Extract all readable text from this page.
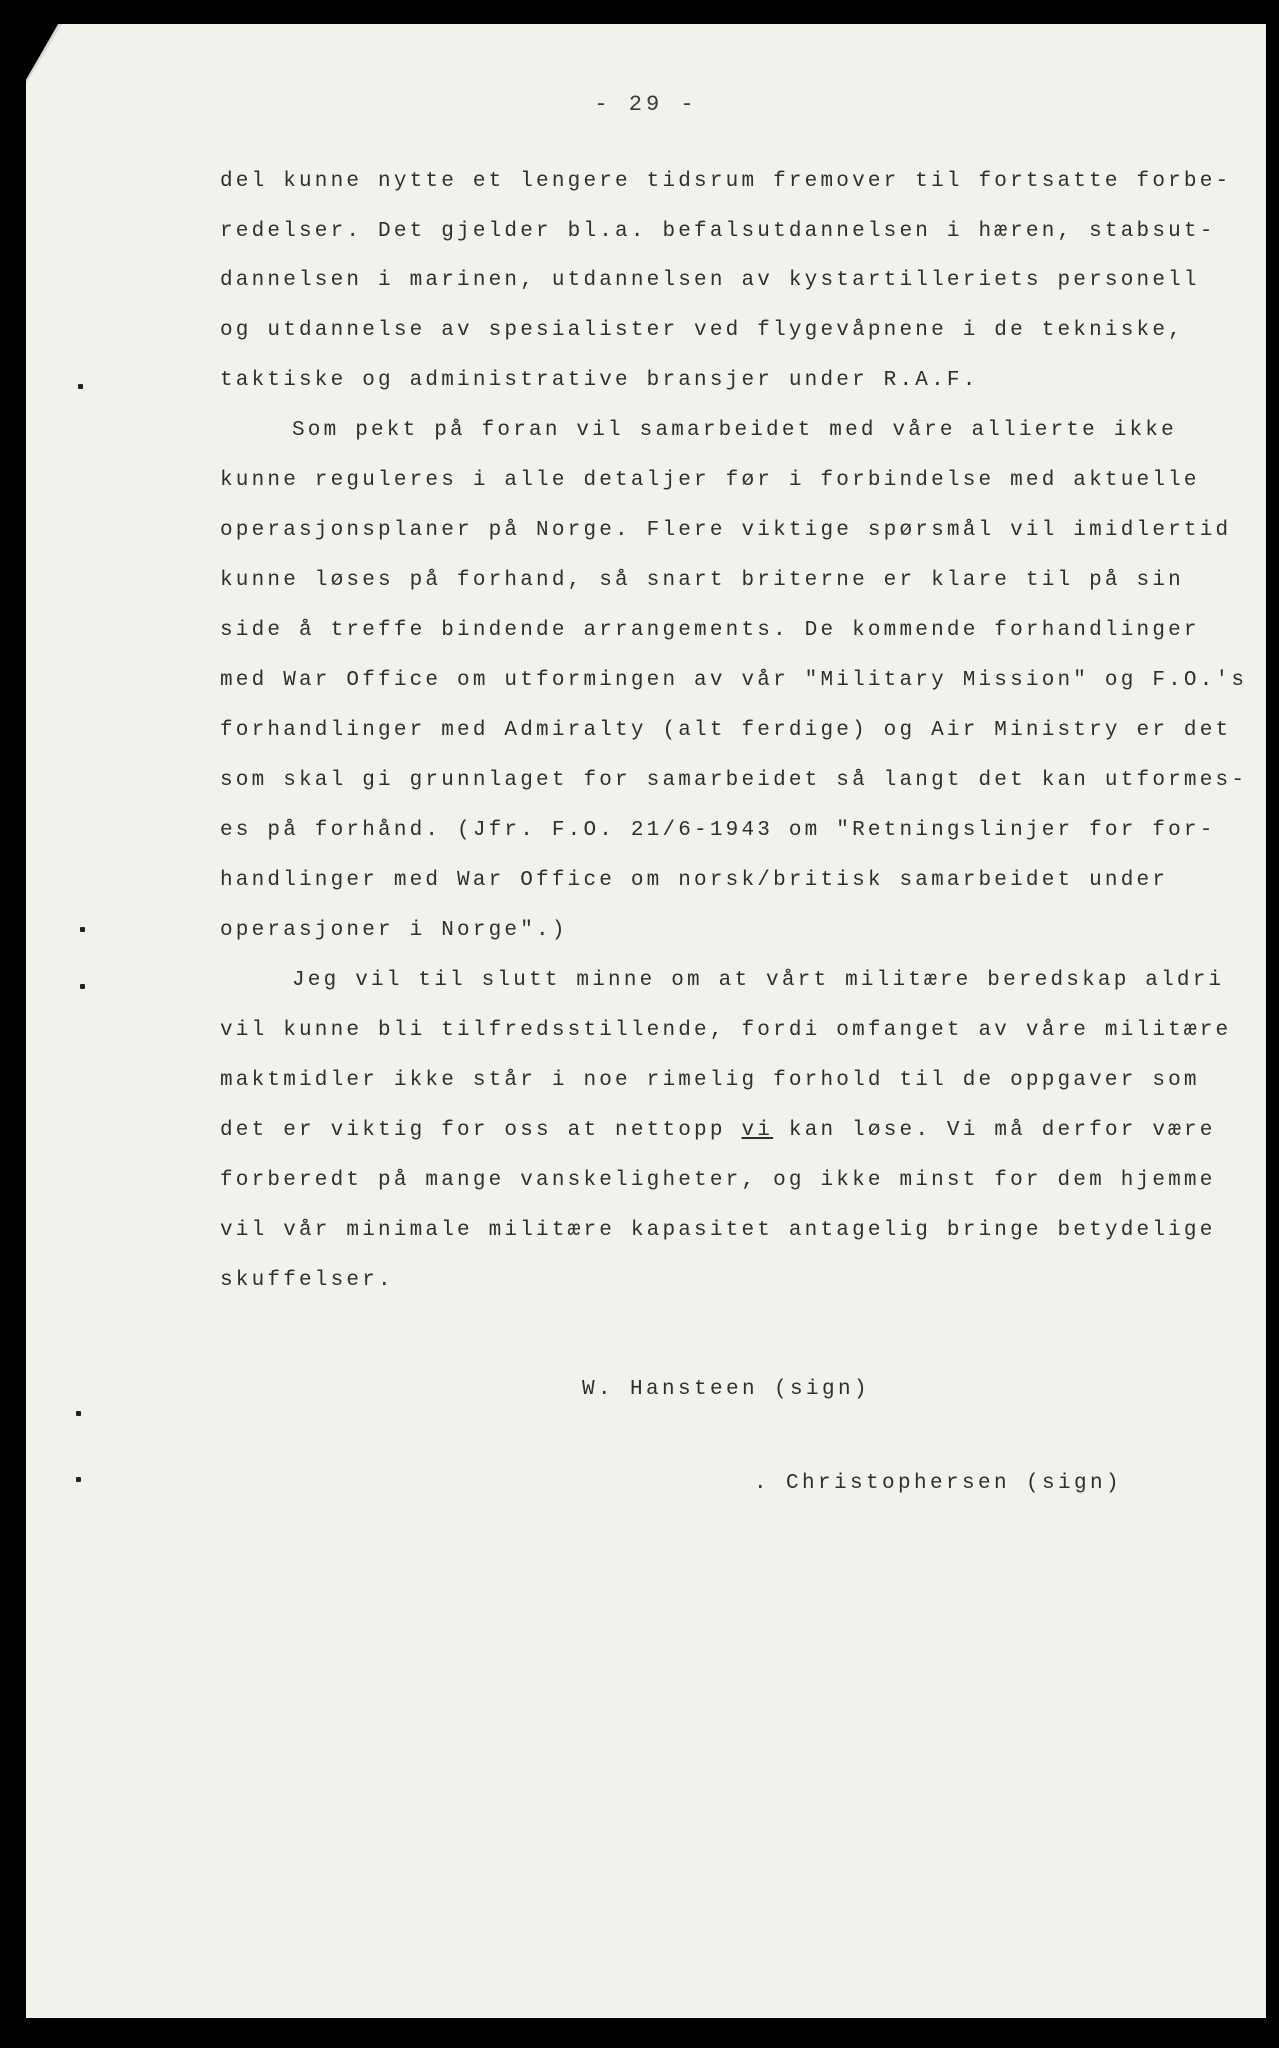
- 29 -
del kunne nytte et lengere tidsrum fremover til fortsatte forbe-
redelser. Det gjelder bl.a. befalsutdannelsen i hæren, stabsut-
dannelsen i marinen, utdannelsen av kystartilleriets personell
og utdannelse av spesialister ved flygevåpnene i de tekniske,
taktiske og administrative bransjer under R.A.F.
Som pekt på foran vil samarbeidet med våre allierte ikke
kunne reguleres i alle detaljer før i forbindelse med aktuelle
operasjonsplaner på Norge. Flere viktige spørsmål vil imidlertid
kunne løses på forhand, så snart briterne er klare til på sin
side å treffe bindende arrangements. De kommende forhandlinger
med War Office om utformingen av vår "Military Mission" og F.O.'s
forhandlinger med Admiralty (alt ferdige) og Air Ministry er det
som skal gi grunnlaget for samarbeidet så langt det kan utformes-
es på forhånd. (Jfr. F.O. 21/6-1943 om "Retningslinjer for for-
handlinger med War Office om norsk/britisk samarbeidet under
operasjoner i Norge".)
Jeg vil til slutt minne om at vårt militære beredskap aldri
vil kunne bli tilfredsstillende, fordi omfanget av våre militære
maktmidler ikke står i noe rimelig forhold til de oppgaver som
det er viktig for oss at nettopp vi kan løse. Vi må derfor være
forberedt på mange vanskeligheter, og ikke minst for dem hjemme
vil vår minimale militære kapasitet antagelig bringe betydelige
skuffelser.
W. Hansteen (sign)
. Christophersen (sign)
